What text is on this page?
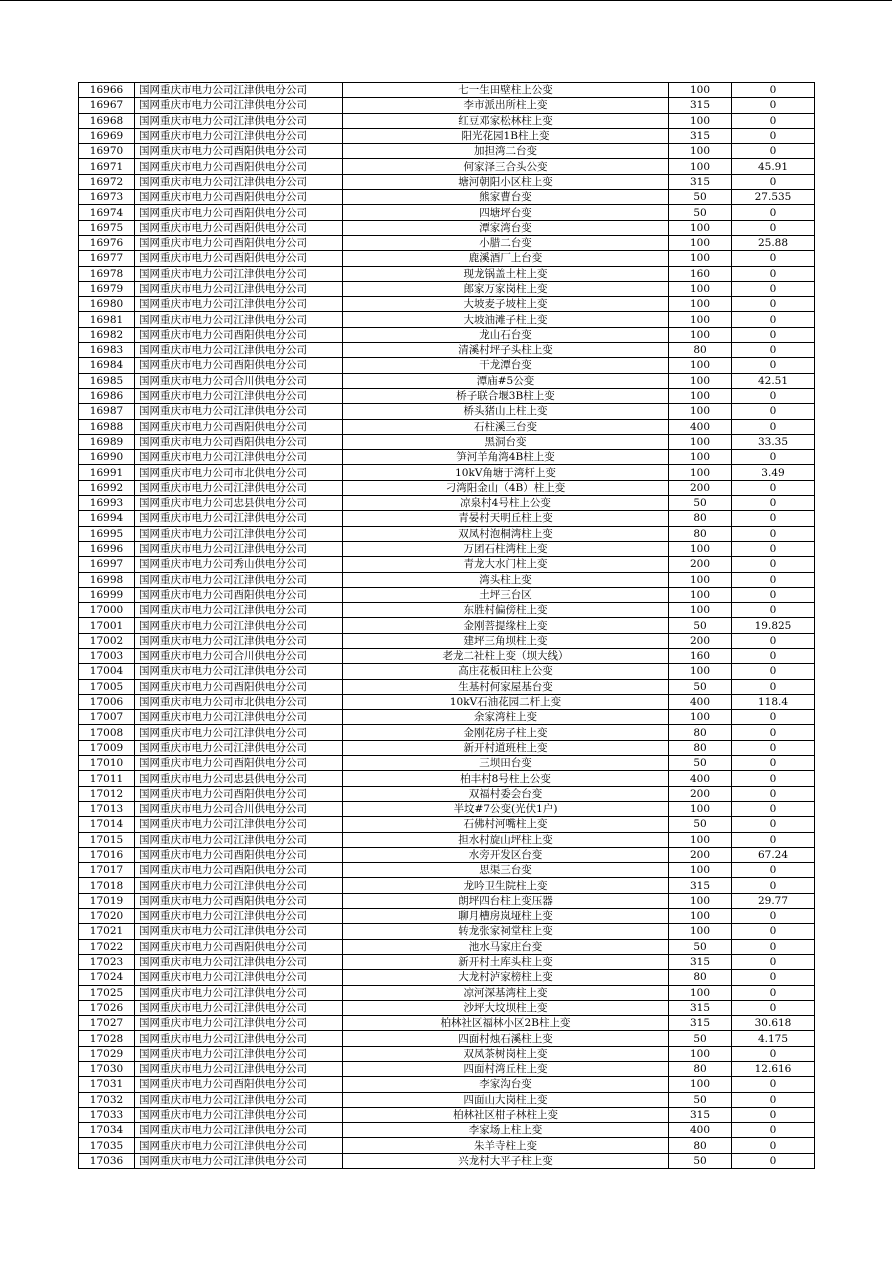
16966	国网重庆市电力公司江津供电分公司	七一生田壁柱上公变	100	0
16967	国网重庆市电力公司江津供电分公司	李市派出所柱上变	315	0
16968	国网重庆市电力公司江津供电分公司	红豆邓家松林柱上变	100	0
16969	国网重庆市电力公司江津供电分公司	阳光花园1B柱上变	315	0
16970	国网重庆市电力公司酉阳供电分公司	加担湾二台变	100	0
16971	国网重庆市电力公司酉阳供电分公司	何家泽三合头公变	100	45.91
16972	国网重庆市电力公司江津供电分公司	塘河朝阳小区柱上变	315	0
16973	国网重庆市电力公司酉阳供电分公司	熊家曹台变	50	27.535
16974	国网重庆市电力公司酉阳供电分公司	四塘坪台变	50	0
16975	国网重庆市电力公司酉阳供电分公司	潭家湾台变	100	0
16976	国网重庆市电力公司酉阳供电分公司	小腊二台变	100	25.88
16977	国网重庆市电力公司酉阳供电分公司	鹿溪酒厂上台变	100	0
16978	国网重庆市电力公司江津供电分公司	现龙锅盖土柱上变	160	0
16979	国网重庆市电力公司江津供电分公司	郎家万家岗柱上变	100	0
16980	国网重庆市电力公司江津供电分公司	大坡麦子坡柱上变	100	0
16981	国网重庆市电力公司江津供电分公司	大坡油滩子柱上变	100	0
16982	国网重庆市电力公司酉阳供电分公司	龙山石台变	100	0
16983	国网重庆市电力公司江津供电分公司	清溪村坪子头柱上变	80	0
16984	国网重庆市电力公司酉阳供电分公司	干龙潭台变	100	0
16985	国网重庆市电力公司合川供电分公司	潭庙#5公变	100	42.51
16986	国网重庆市电力公司江津供电分公司	桥子联合堰3B柱上变	100	0
16987	国网重庆市电力公司江津供电分公司	桥头猪山上柱上变	100	0
16988	国网重庆市电力公司酉阳供电分公司	石柱溪三台变	400	0
16989	国网重庆市电力公司酉阳供电分公司	黑洞台变	100	33.35
16990	国网重庆市电力公司江津供电分公司	笋河羊角湾4B柱上变	100	0
16991	国网重庆市电力公司市北供电分公司	10kV角塘于湾杆上变	100	3.49
16992	国网重庆市电力公司江津供电分公司	刁湾阳金山（4B）柱上变	200	0
16993	国网重庆市电力公司忠县供电分公司	凉泉村4号柱上公变	50	0
16994	国网重庆市电力公司江津供电分公司	青晏村天明丘柱上变	80	0
16995	国网重庆市电力公司江津供电分公司	双凤村泡桐湾柱上变	80	0
16996	国网重庆市电力公司江津供电分公司	万团石柱湾柱上变	100	0
16997	国网重庆市电力公司秀山供电分公司	青龙大水门柱上变	200	0
16998	国网重庆市电力公司江津供电分公司	湾头柱上变	100	0
16999	国网重庆市电力公司酉阳供电分公司	土坪三台区	100	0
17000	国网重庆市电力公司江津供电分公司	东胜村偏傍柱上变	100	0
17001	国网重庆市电力公司江津供电分公司	金刚菩提缘柱上变	50	19.825
17002	国网重庆市电力公司江津供电分公司	建坪三角坝柱上变	200	0
17003	国网重庆市电力公司合川供电分公司	老龙二社柱上变（坝大线）	160	0
17004	国网重庆市电力公司江津供电分公司	高庄花板田柱上公变	100	0
17005	国网重庆市电力公司酉阳供电分公司	生基村何家屋基台变	50	0
17006	国网重庆市电力公司市北供电分公司	10kV石油花园二杆上变	400	118.4
17007	国网重庆市电力公司江津供电分公司	余家湾柱上变	100	0
17008	国网重庆市电力公司江津供电分公司	金刚花房子柱上变	80	0
17009	国网重庆市电力公司江津供电分公司	新开村道班柱上变	80	0
17010	国网重庆市电力公司酉阳供电分公司	三坝田台变	50	0
17011	国网重庆市电力公司忠县供电分公司	柏丰村8号柱上公变	400	0
17012	国网重庆市电力公司酉阳供电分公司	双福村委会台变	200	0
17013	国网重庆市电力公司合川供电分公司	半坟#7公变(光伏1户)	100	0
17014	国网重庆市电力公司江津供电分公司	石佛村河嘴柱上变	50	0
17015	国网重庆市电力公司江津供电分公司	担水村旋山坪柱上变	100	0
17016	国网重庆市电力公司酉阳供电分公司	水旁开发区台变	200	67.24
17017	国网重庆市电力公司酉阳供电分公司	思渠三台变	100	0
17018	国网重庆市电力公司江津供电分公司	龙吟卫生院柱上变	315	0
17019	国网重庆市电力公司酉阳供电分公司	朗坪四台柱上变压器	100	29.77
17020	国网重庆市电力公司江津供电分公司	聊月槽房岚垭柱上变	100	0
17021	国网重庆市电力公司江津供电分公司	转龙张家祠堂柱上变	100	0
17022	国网重庆市电力公司酉阳供电分公司	池水马家庄台变	50	0
17023	国网重庆市电力公司江津供电分公司	新开村土库头柱上变	315	0
17024	国网重庆市电力公司江津供电分公司	大龙村泸家榜柱上变	80	0
17025	国网重庆市电力公司江津供电分公司	凉河深基湾柱上变	100	0
17026	国网重庆市电力公司江津供电分公司	沙坪大坟坝柱上变	315	0
17027	国网重庆市电力公司江津供电分公司	柏林社区福林小区2B柱上变	315	30.618
17028	国网重庆市电力公司江津供电分公司	四面村烛石溪柱上变	50	4.175
17029	国网重庆市电力公司江津供电分公司	双凤茶树岗柱上变	100	0
17030	国网重庆市电力公司江津供电分公司	四面村湾丘柱上变	80	12.616
17031	国网重庆市电力公司酉阳供电分公司	李家沟台变	100	0
17032	国网重庆市电力公司江津供电分公司	四面山大岗柱上变	50	0
17033	国网重庆市电力公司江津供电分公司	柏林社区柑子林柱上变	315	0
17034	国网重庆市电力公司江津供电分公司	李家场上柱上变	400	0
17035	国网重庆市电力公司江津供电分公司	朱羊寺柱上变	80	0
17036	国网重庆市电力公司江津供电分公司	兴龙村大平子柱上变	50	0
